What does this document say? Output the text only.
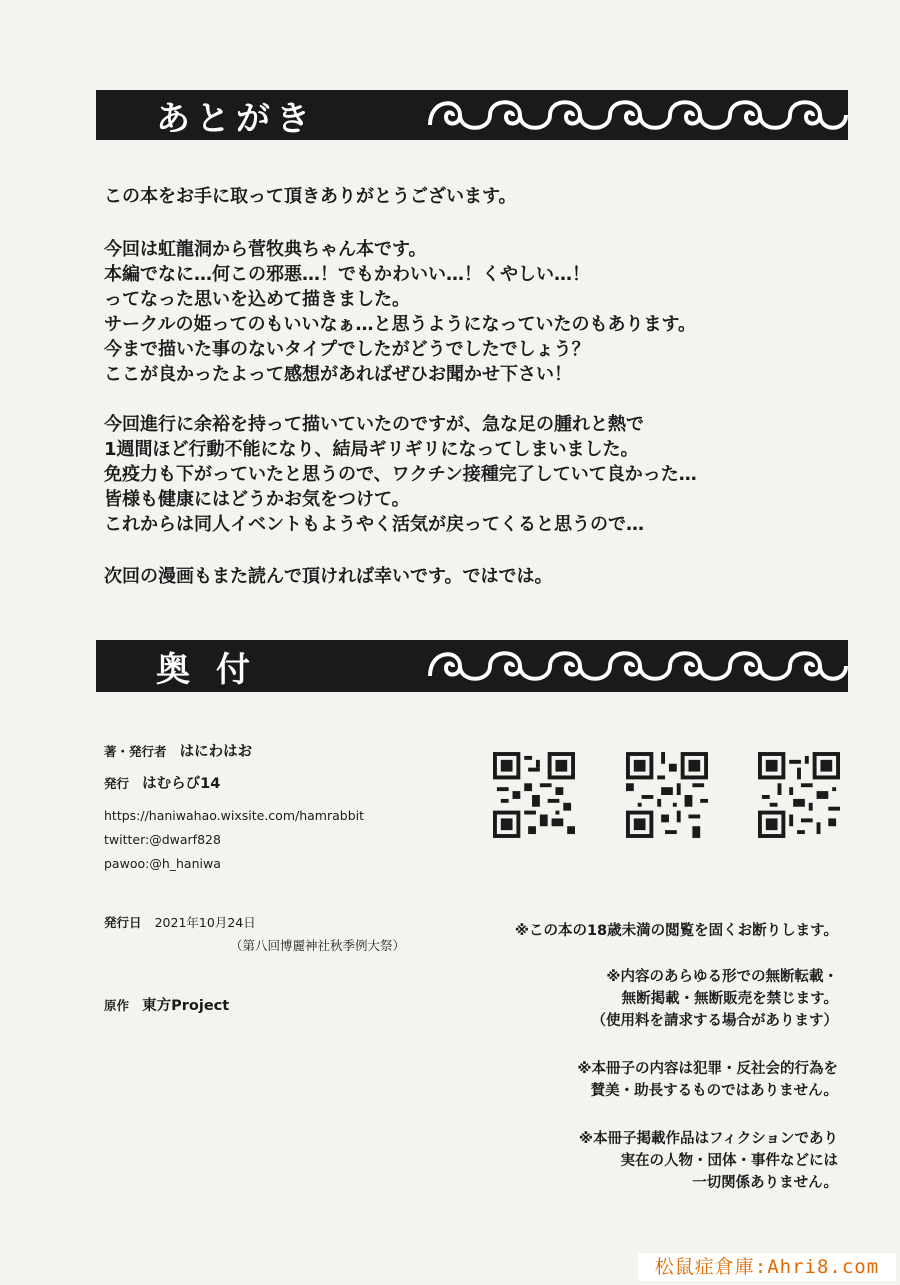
あとがき
この本をお手に取って頂きありがとうございます。
今回は虹龍洞から菅牧典ちゃん本です。
本編でなに…何この邪悪…！でもかわいい…！くやしい…！
ってなった思いを込めて描きました。
サークルの姫ってのもいいなぁ…と思うようになっていたのもあります。
今まで描いた事のないタイプでしたがどうでしたでしょう？
ここが良かったよって感想があればぜひお聞かせ下さい！
今回進行に余裕を持って描いていたのですが、急な足の腫れと熱で
1週間ほど行動不能になり、結局ギリギリになってしまいました。
免疫力も下がっていたと思うので、ワクチン接種完了していて良かった…
皆様も健康にはどうかお気をつけて。
これからは同人イベントもようやく活気が戻ってくると思うので…
次回の漫画もまた読んで頂ければ幸いです。ではでは。
奥付
著・発行者 はにわはお
発行 はむらび14
https://haniwahao.wixsite.com/hamrabbit
twitter:@dwarf828
pawoo:@h_haniwa
発行日 2021年10月24日
（第八回博麗神社秋季例大祭）
原作 東方Project
※この本の18歳未満の閲覧を固くお断りします。
※内容のあらゆる形での無断転載・
無断掲載・無断販売を禁じます。
（使用料を請求する場合があります）
※本冊子の内容は犯罪・反社会的行為を
賛美・助長するものではありません。
※本冊子掲載作品はフィクションであり
実在の人物・団体・事件などには
一切関係ありません。
松鼠症倉庫:Ahri8.com
